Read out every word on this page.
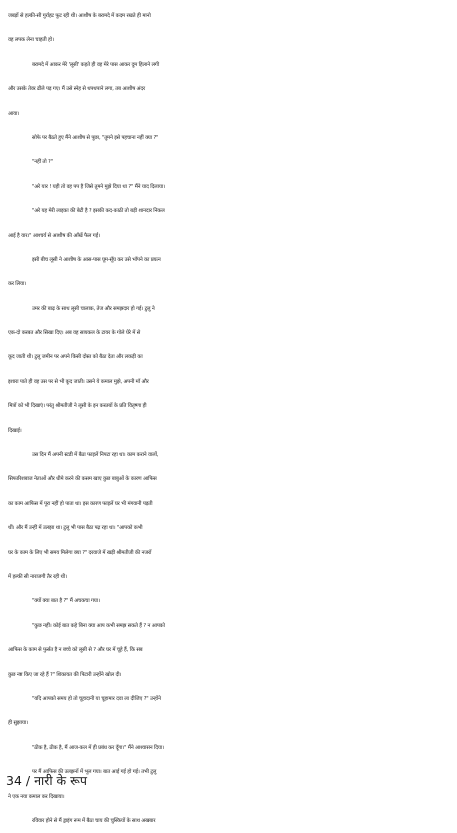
जबड़ों से हल्की-सी गुर्राहट फूट रही थी। आशीष के बरामदे में कदम रखते ही मानो
वह लपक लेना चाहती हो।
बरामदे में आकर मेरे 'लूसी' कहते ही वह मेरे पास आकर दुम हिलाने लगी
और उसके तेवर ढीले पड़ गए। मैं उसे स्नेह से थपथपाने लगा, तब आशीष अंदर
आया।
सोफे पर बैठते हुए मैंने आशीष से पूछा, "तुमने इसे पहचाना नहीं क्या ?"
"नहीं तो ?"
"अरे यार ! यही तो वह पप है जिसे तुमने मुझे दिया था ?" मैंने याद दिलाया।
"अरे यह मेरी लाइका की बेटी है ? इसकी कद-काठी तो बड़ी शानदार निकल
आई है यार।" आश्चर्य से आशीष की आँखें फैल गईं।
इसी बीच लूसी ने आशीष के आस-पास घूम-सूँघ कर उसे भाँपने का प्रयत्न
कर लिया।
उमर की बाढ़ के साथ लूसी चालाक, तेज और समझदार हो गई। टुलु ने
एक-दो करबत और सिखा दिए। अब वह सायकल के टायर के गोले घेरे में से
कूद जाती थी। टुलु जमीन पर अपने किसी दोस्त को बैठा देता और लकड़ी का
इशारा पाते ही वह उस पर से भी कूद जाती। उसने ये कमाल मुझे, अपनी माँ और
मित्रों को भी दिखाएं। परंतु श्रीमतीजी ने लूसी के इन करतबों के प्रति वितृष्णा ही
दिखाई।
उस दिन मैं अपनी स्टडी में बैठा फाइलें निपटा रहा था। काम कराने वालों,
सिफारिशबाज नेताओं और धीमे करने की कसम खाए कुछ बाबुओं के कारण आफिस
का काम आफिस में पूरा नहीं हो पाता था। इस कारण फाइलें घर भी मंगवानी पड़ती
थीं। और मैं उन्हीं में उलझा था। टुलु भी पास बैठा पढ़ रहा था। "आपको कभी
घर के काम के लिए भी समय मिलेगा क्या ?" दरवाजे में खड़ी श्रीमतीजी की नजरों
में हल्की सी नाराजगी तैर रही थी।
"क्यों क्या बात है ?" मैं अचकचा गया।
"कुछ नहीं। कोई बात कहे बिना क्या आप कभी समझ सकते हैं ? न आपको
आफिस के काम से फुर्सत है न बच्चे को लूसी से ? और घर में चूहे हैं, कि सब
कुछ नष्ट किए जा रहे हैं ?" शिकायत की पिटारी उन्होंने खोल दी।
"यदि आपको समय हो तो चूहादानी या चूहामार दवा ला दीजिए ?" उन्होंने
ही सुझाया।
"ठीक है, ठीक है, मैं आज-कल में ही प्रबंध कर दूँगा।" मैंने आश्वासन दिया।
पर मैं आफिस की उलझनों में भूल गया। बात आई गई हो गई। तभी टुलु
ने एक नया कमाल कर दिखाया।
रविवार होने से मैं ड्राइंग रूम में बैठा चाय की चुस्कियों के साथ अखबार
34 / नारी के रूप
